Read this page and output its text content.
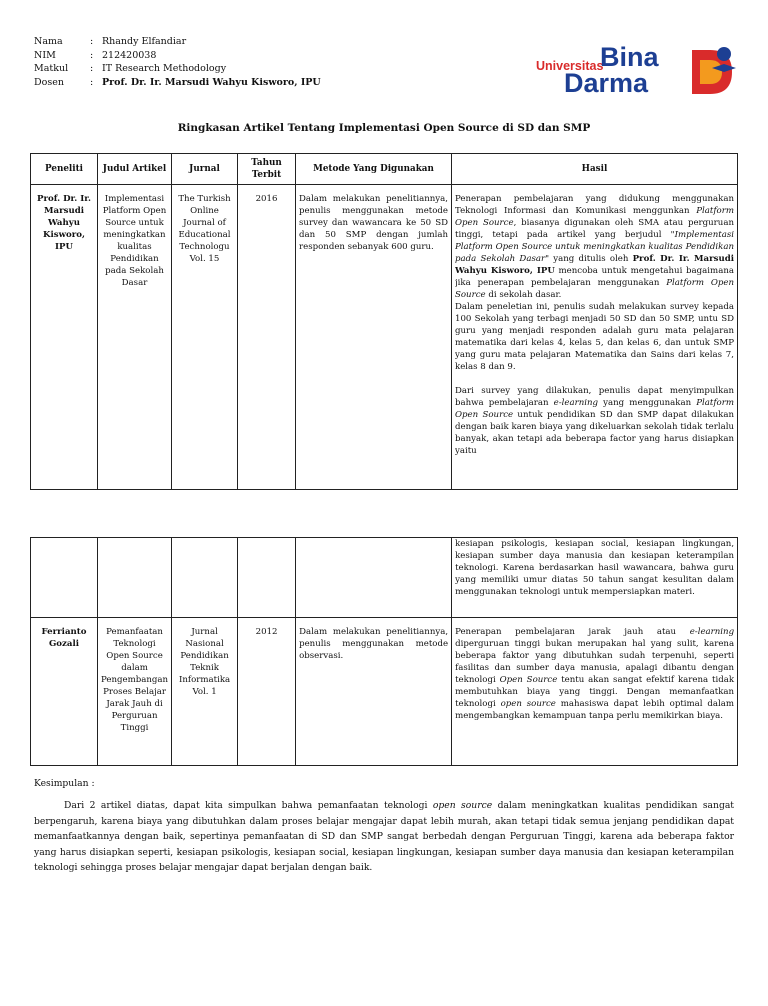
Nama	: Rhandy Elfandiar
NIM	: 212420038
Matkul	: IT Research Methodology
Dosen	: Prof. Dr. Ir. Marsudi Wahyu Kisworo, IPU
Universitas
Bina
Darma
Ringkasan Artikel Tentang Implementasi Open Source di SD dan SMP
Peneliti	Judul Artikel	Jurnal	Tahun Terbit	Metode Yang Digunakan	Hasil
Prof. Dr. Ir. Marsudi Wahyu Kisworo, IPU	Implementasi Platform Open Source untuk meningkatkan kualitas Pendidikan pada Sekolah Dasar	The Turkish Online Journal of Educational Technologu Vol. 15	2016	Dalam melakukan penelitiannya, penulis menggunakan metode survey dan wawancara ke 50 SD dan 50 SMP dengan jumlah responden sebanyak 600 guru.	Penerapan pembelajaran yang didukung menggunakan Teknologi Informasi dan Komunikasi menggunkan Platform Open Source, biasanya digunakan oleh SMA atau perguruan tinggi, tetapi pada artikel yang berjudul "Implementasi Platform Open Source untuk meningkatkan kualitas Pendidikan pada Sekolah Dasar" yang ditulis oleh Prof. Dr. Ir. Marsudi Wahyu Kisworo, IPU mencoba untuk mengetahui bagaimana jika penerapan pembelajaran menggunakan Platform Open Source di sekolah dasar.
Dalam peneletian ini, penulis sudah melakukan survey kepada 100 Sekolah yang terbagi menjadi 50 SD dan 50 SMP, untu SD guru yang menjadi responden adalah guru mata pelajaran matematika dari kelas 4, kelas 5, dan kelas 6, dan untuk SMP yang guru mata pelajaran Matematika dan Sains dari kelas 7, kelas 8 dan 9.
Dari survey yang dilakukan, penulis dapat menyimpulkan bahwa pembelajaran e-learning yang menggunakan Platform Open Source untuk pendidikan SD dan SMP dapat dilakukan dengan baik karen biaya yang dikeluarkan sekolah tidak terlalu banyak, akan tetapi ada beberapa factor yang harus disiapkan yaitu
					kesiapan psikologis, kesiapan social, kesiapan lingkungan, kesiapan sumber daya manusia dan kesiapan keterampilan teknologi. Karena berdasarkan hasil wawancara, bahwa guru yang memiliki umur diatas 50 tahun sangat kesulitan dalam menggunakan teknologi untuk mempersiapkan materi.
Ferrianto Gozali	Pemanfaatan Teknologi Open Source dalam Pengembangan Proses Belajar Jarak Jauh di Perguruan Tinggi	Jurnal Nasional Pendidikan Teknik Informatika Vol. 1	2012	Dalam melakukan penelitiannya, penulis menggunakan metode observasi.	Penerapan pembelajaran jarak jauh atau e-learning diperguruan tinggi bukan merupakan hal yang sulit, karena beberapa faktor yang dibutuhkan sudah terpenuhi, seperti fasilitas dan sumber daya manusia, apalagi dibantu dengan teknologi Open Source tentu akan sangat efektif karena tidak membutuhkan biaya yang tinggi. Dengan memanfaatkan teknologi open source mahasiswa dapat lebih optimal dalam mengembangkan kemampuan tanpa perlu memikirkan biaya.
Kesimpulan :
Dari 2 artikel diatas, dapat kita simpulkan bahwa pemanfaatan teknologi open source dalam meningkatkan kualitas pendidikan sangat berpengaruh, karena biaya yang dibutuhkan dalam proses belajar mengajar dapat lebih murah, akan tetapi tidak semua jenjang pendidikan dapat memanfaatkannya dengan baik, sepertinya pemanfaatan di SD dan SMP sangat berbedah dengan Perguruan Tinggi, karena ada beberapa faktor yang harus disiapkan seperti, kesiapan psikologis, kesiapan social, kesiapan lingkungan, kesiapan sumber daya manusia dan kesiapan keterampilan teknologi sehingga proses belajar mengajar dapat berjalan dengan baik.
